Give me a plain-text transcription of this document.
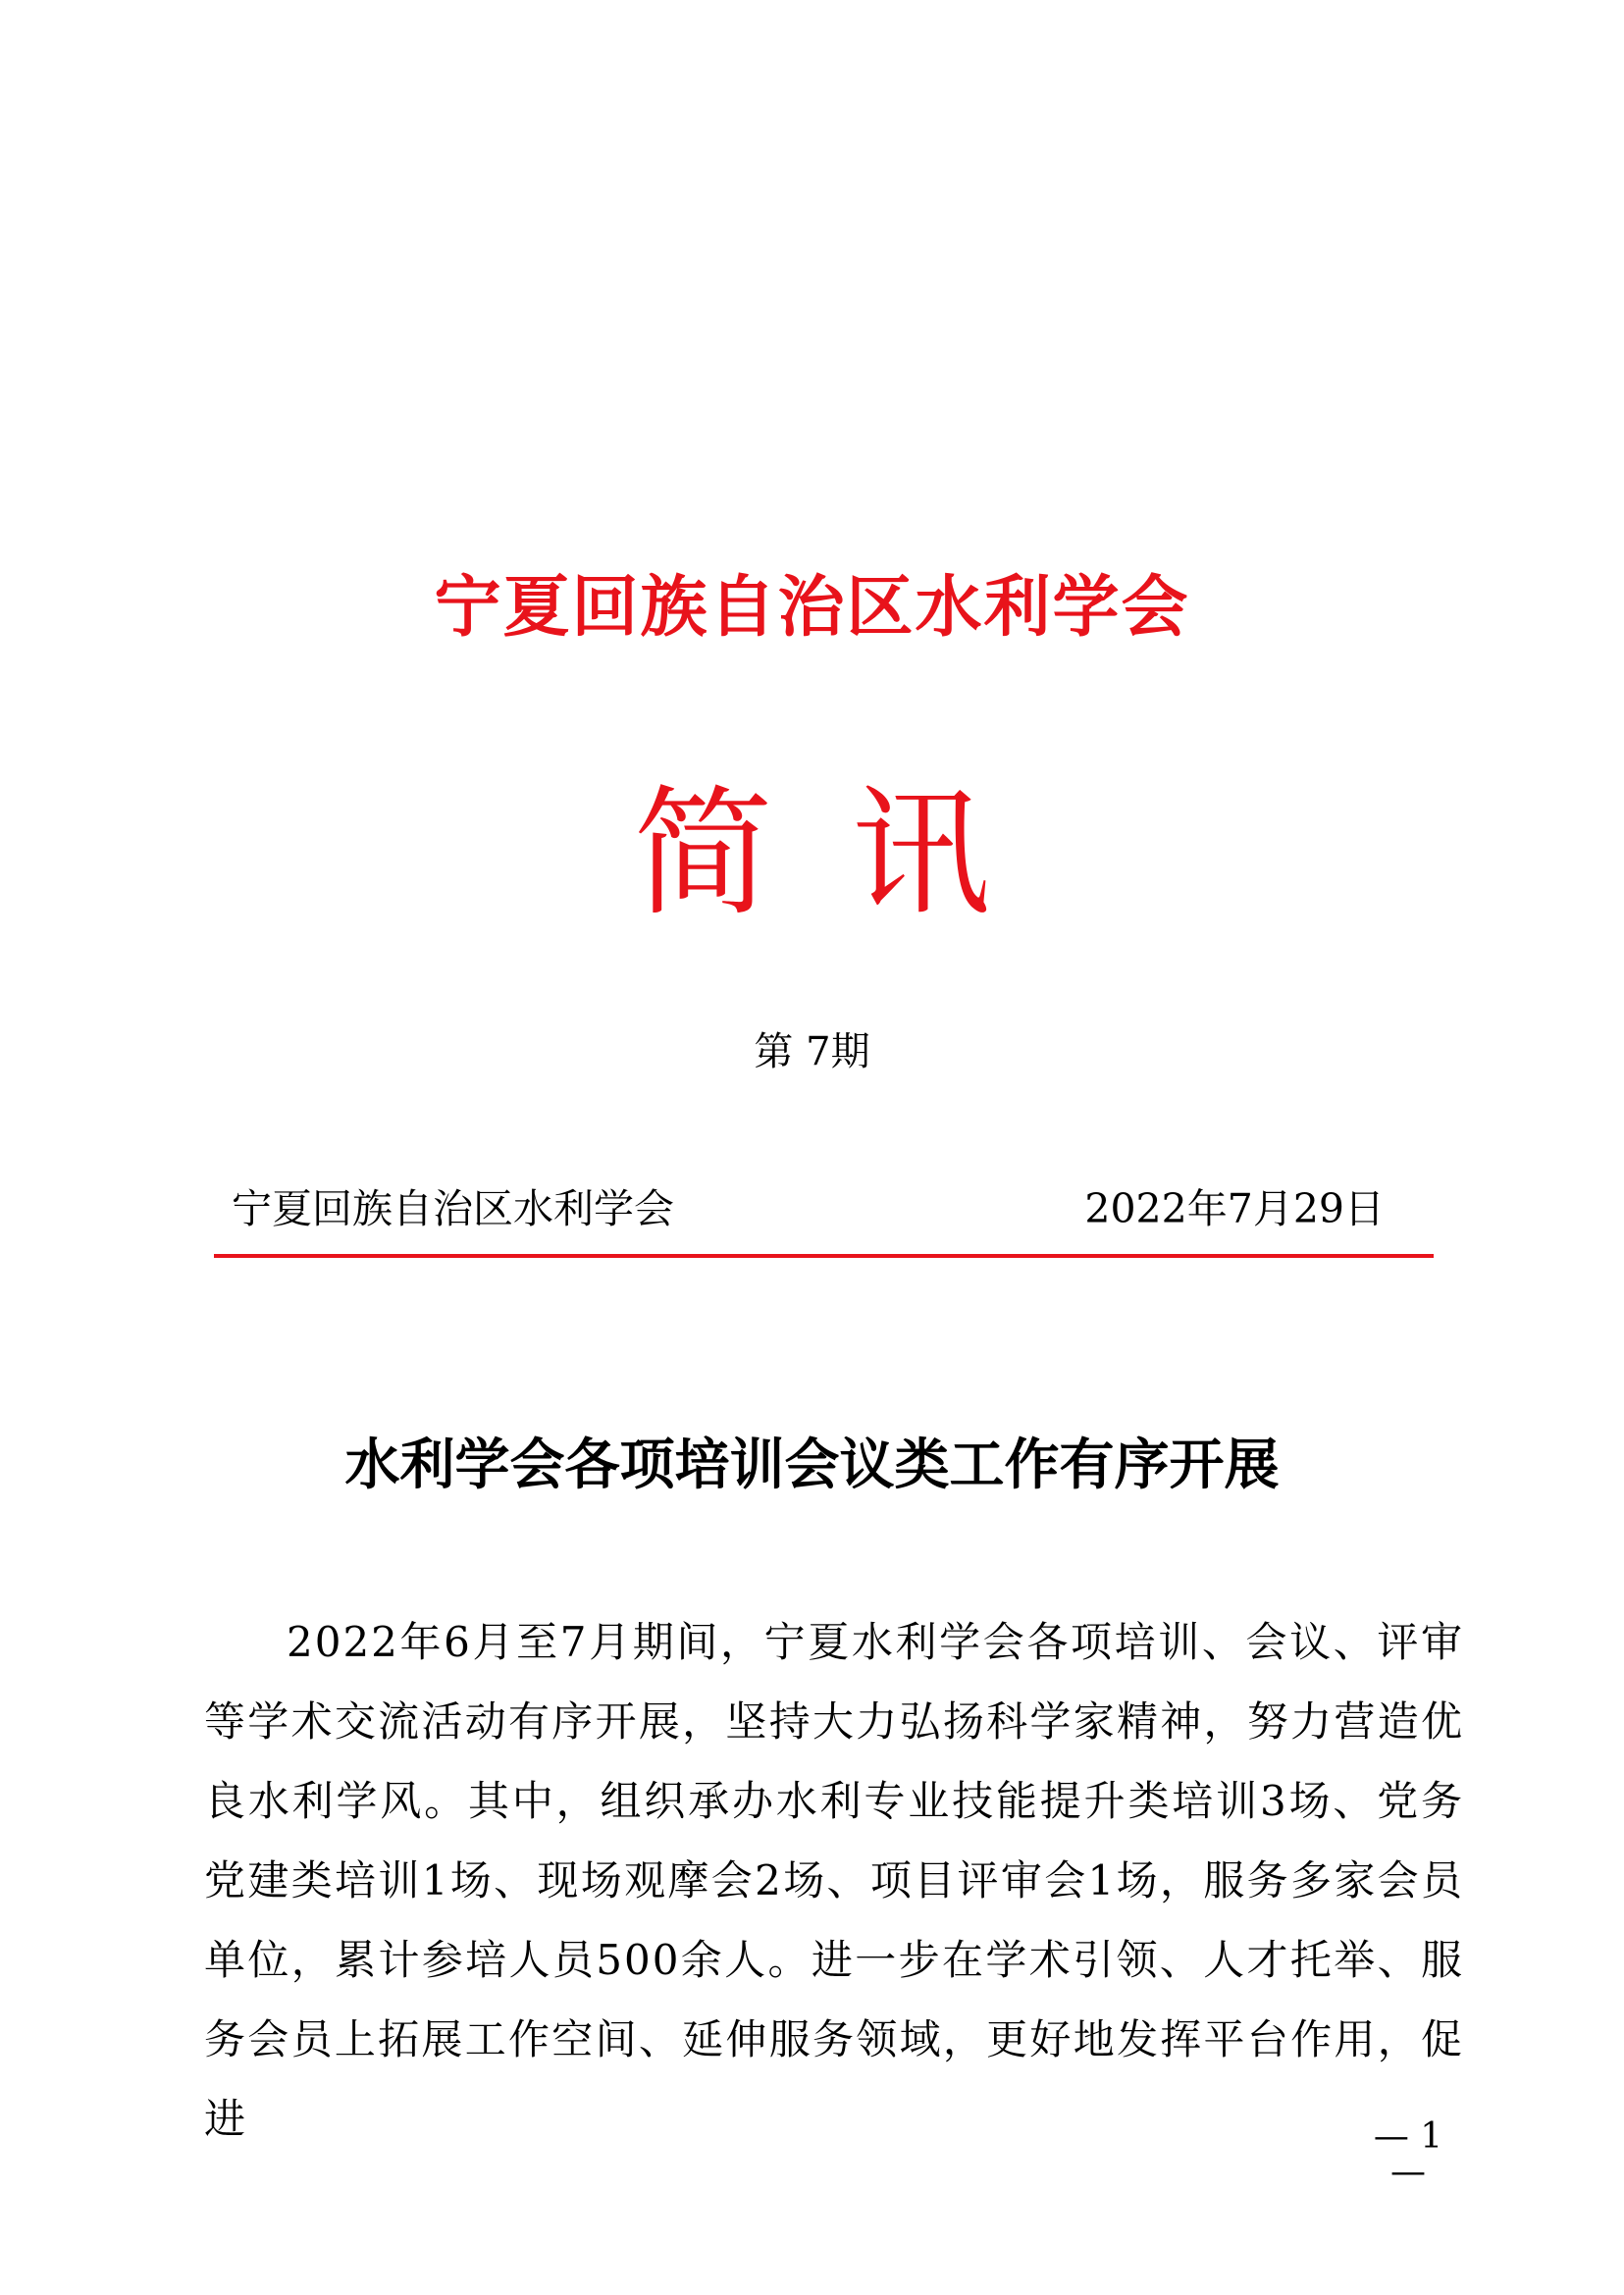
宁夏回族自治区水利学会
简讯
第 7期
宁夏回族自治区水利学会	2022年7月29日
水利学会各项培训会议类工作有序开展

2022年6月至7月期间，宁夏水利学会各项培训、会议、评审等学术交流活动有序开展，坚持大力弘扬科学家精神，努力营造优良水利学风。其中，组织承办水利专业技能提升类培训3场、党务党建类培训1场、现场观摩会2场、项目评审会1场，服务多家会员单位，累计参培人员500余人。进一步在学术引领、人才托举、服务会员上拓展工作空间、延伸服务领域，更好地发挥平台作用，促进	— 1 —
